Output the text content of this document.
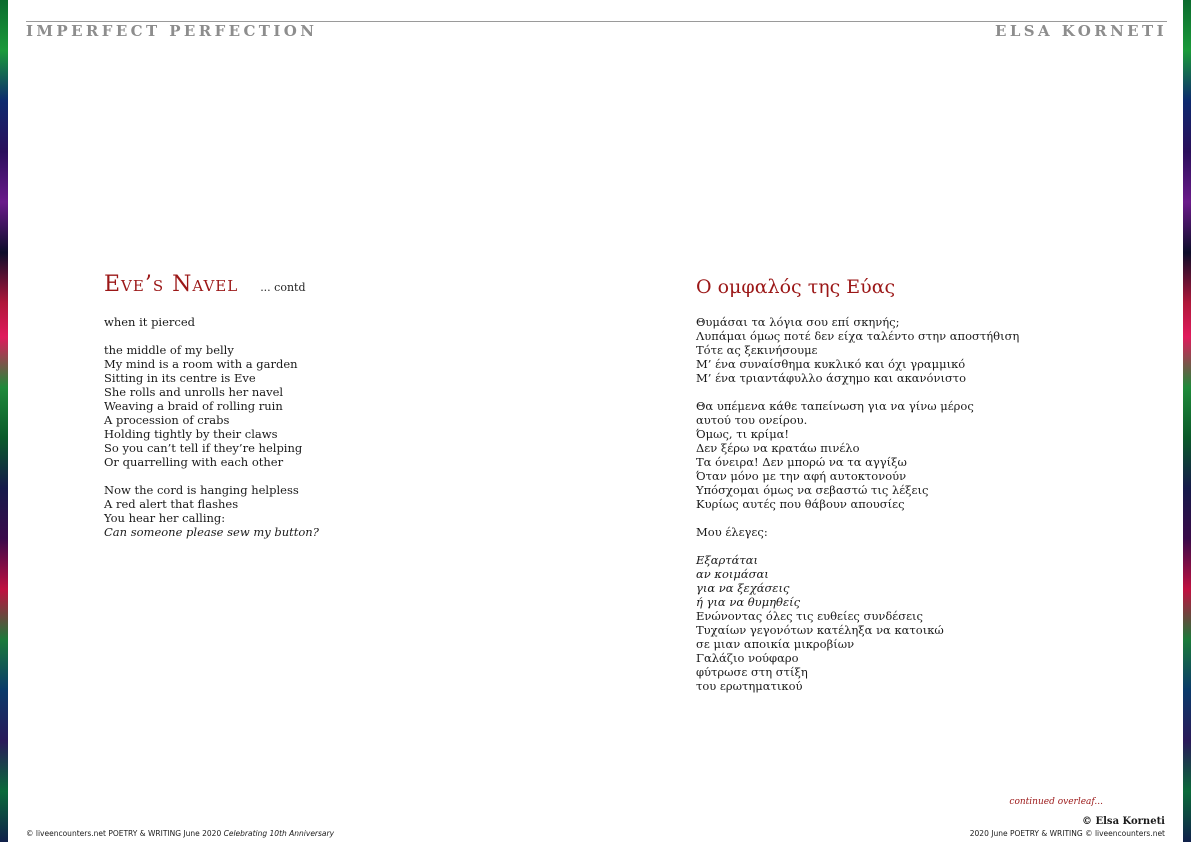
IMPERFECT PERFECTION	ELSA KORNETI
Eve’s Navel ... contd
when it pierced
the middle of my belly
My mind is a room with a garden
Sitting in its centre is Eve
She rolls and unrolls her navel
Weaving a braid of rolling ruin
A procession of crabs
Holding tightly by their claws
So you can’t tell if they’re helping
Or quarrelling with each other
Now the cord is hanging helpless
A red alert that flashes
You hear her calling:
Can someone please sew my button?
Ο ομφαλός της Εύας
Θυμάσαι τα λόγια σου επί σκηνής;
Λυπάμαι όμως ποτέ δεν είχα ταλέντο στην αποστήθιση
Τότε ας ξεκινήσουμε
Μ’ ένα συναίσθημα κυκλικό και όχι γραμμικό
Μ’ ένα τριαντάφυλλο άσχημο και ακανόνιστο
Θα υπέμενα κάθε ταπείνωση για να γίνω μέρος
αυτού του ονείρου.
Όμως, τι κρίμα!
Δεν ξέρω να κρατάω πινέλο
Τα όνειρα! Δεν μπορώ να τα αγγίξω
Όταν μόνο με την αφή αυτοκτονούν
Υπόσχομαι όμως να σεβαστώ τις λέξεις
Κυρίως αυτές που θάβουν απουσίες
Μου έλεγες:
Εξαρτάται
αν κοιμάσαι
για να ξεχάσεις
ή για να θυμηθείς
Ενώνοντας όλες τις ευθείες συνδέσεις
Τυχαίων γεγονότων κατέληξα να κατοικώ
σε μιαν αποικία μικροβίων
Γαλάζιο νούφαρο
φύτρωσε στη στίξη
του ερωτηματικού
continued overleaf...
© Elsa Korneti
© liveencounters.net POETRY & WRITING June 2020 Celebrating 10th Anniversary	2020 June POETRY & WRITING © liveencounters.net
